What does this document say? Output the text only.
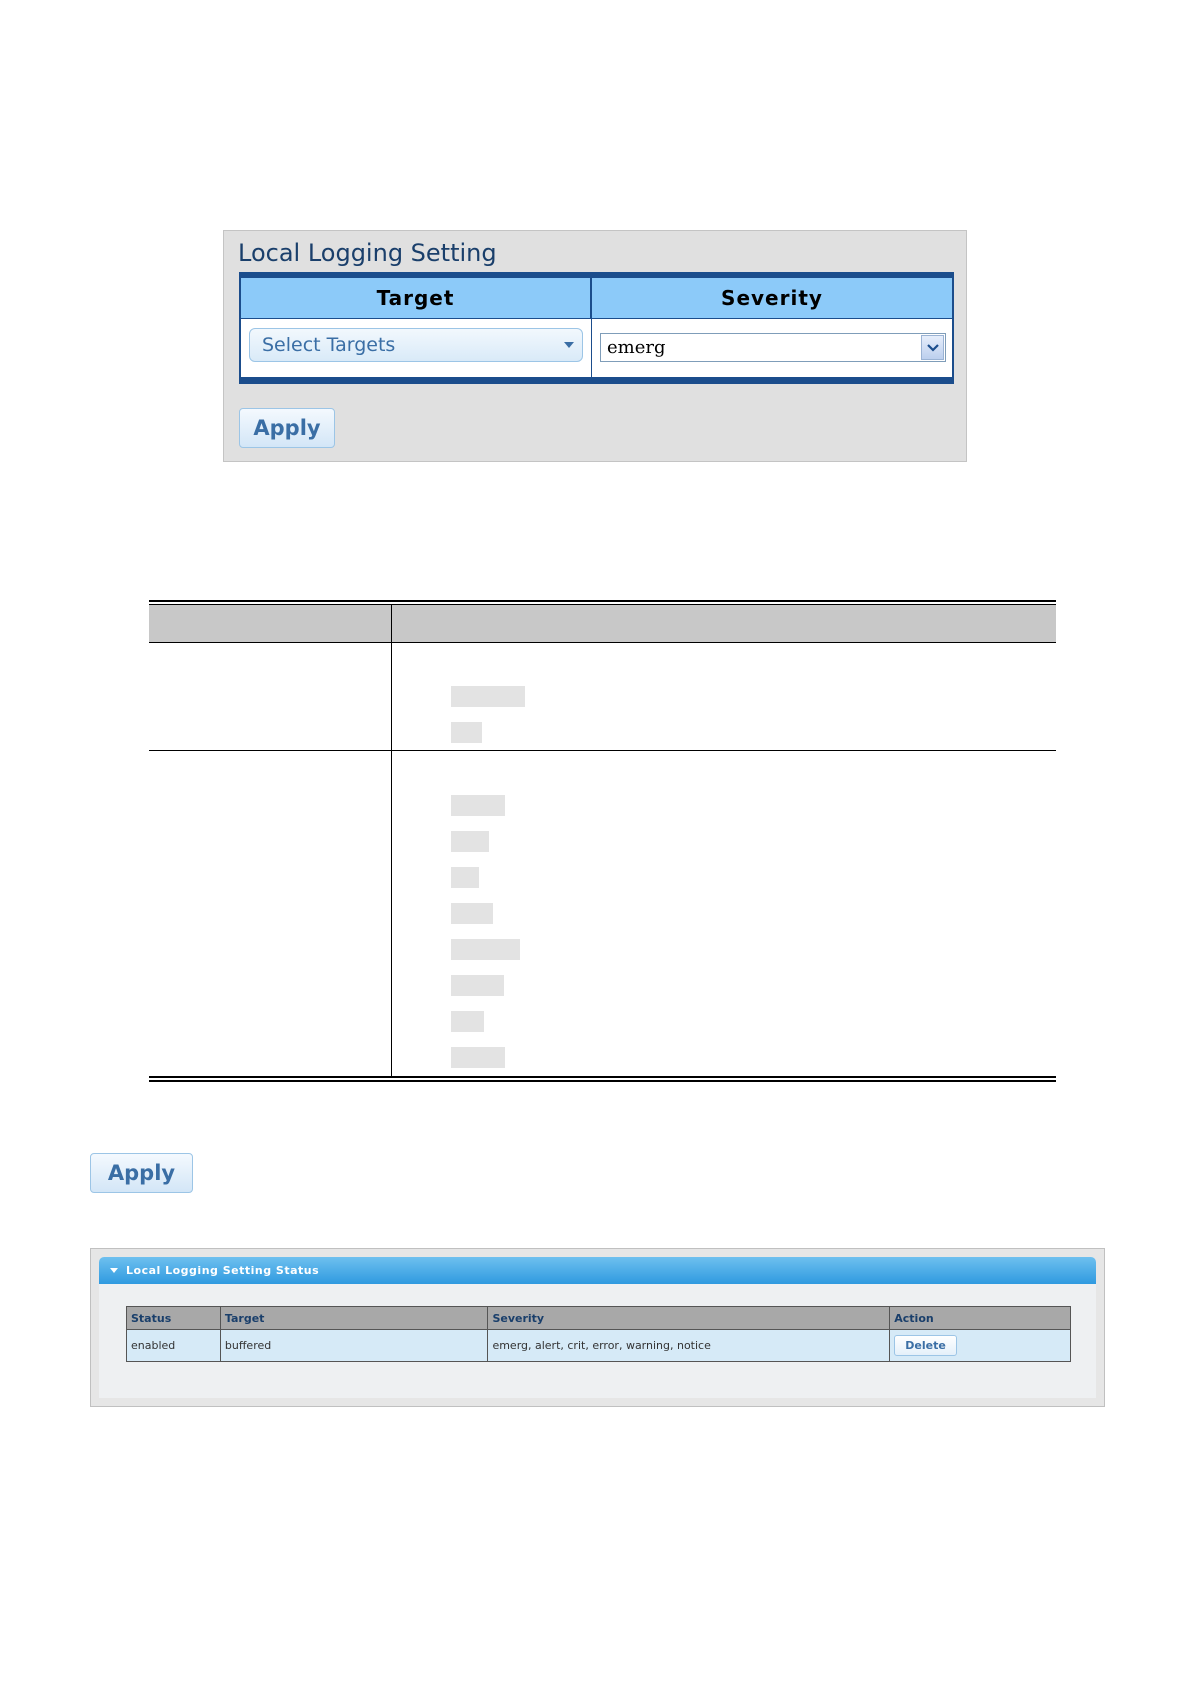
Local Logging Setting
Target	Severity
Select Targets	emerg
Apply
Apply
Local Logging Setting Status
Status	Target	Severity	Action
enabled	buffered	emerg, alert, crit, error, warning, notice	Delete
